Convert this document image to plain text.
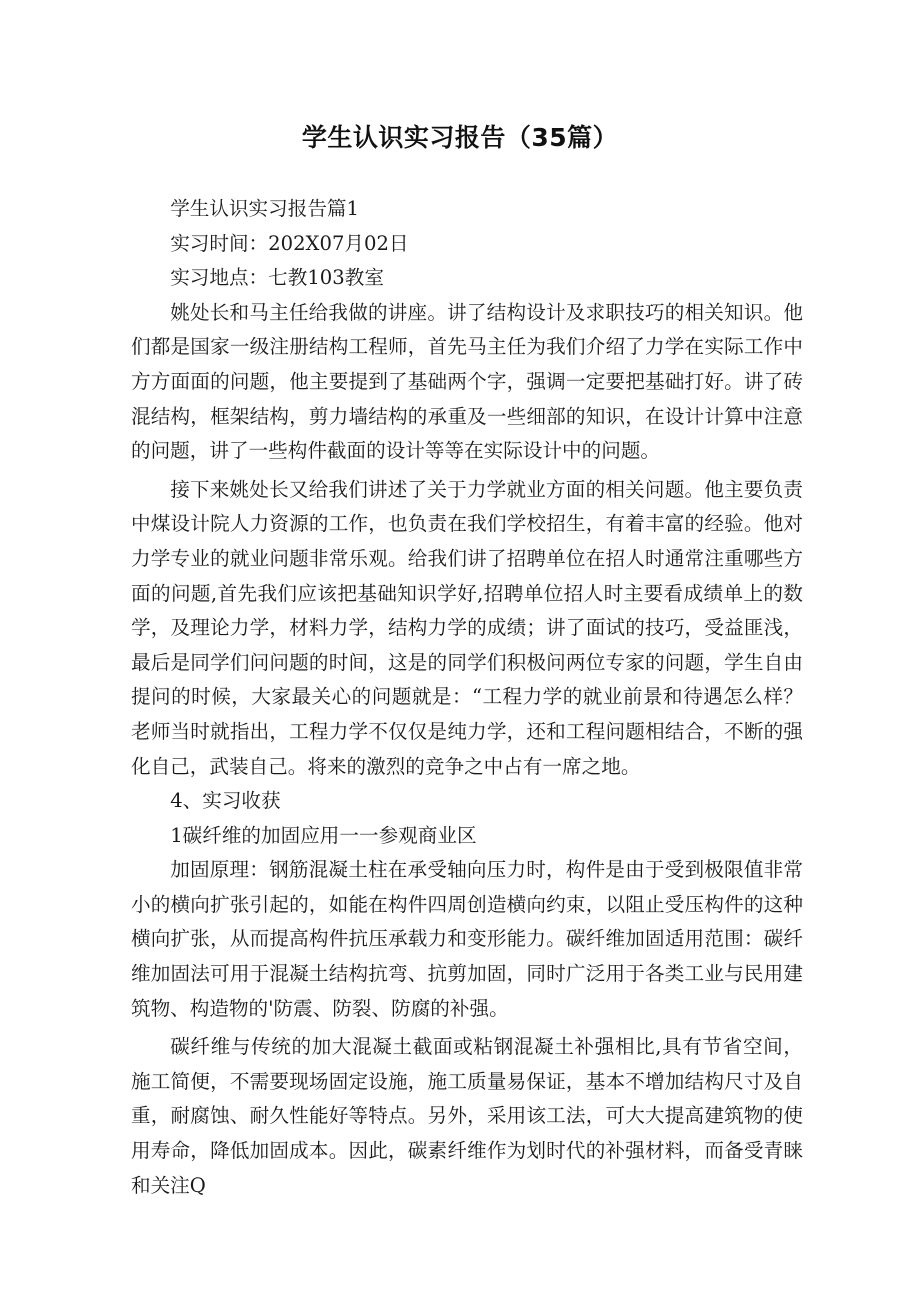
学生认识实习报告（35篇）

学生认识实习报告篇1

实习时间：202X07月02日

实习地点：七教103教室

姚处长和马主任给我做的讲座。讲了结构设计及求职技巧的相关知识。他们都是国家一级注册结构工程师，首先马主任为我们介绍了力学在实际工作中方方面面的问题，他主要提到了基础两个字，强调一定要把基础打好。讲了砖混结构，框架结构，剪力墙结构的承重及一些细部的知识，在设计计算中注意的问题，讲了一些构件截面的设计等等在实际设计中的问题。

接下来姚处长又给我们讲述了关于力学就业方面的相关问题。他主要负责中煤设计院人力资源的工作，也负责在我们学校招生，有着丰富的经验。他对力学专业的就业问题非常乐观。给我们讲了招聘单位在招人时通常注重哪些方面的问题,首先我们应该把基础知识学好,招聘单位招人时主要看成绩单上的数学，及理论力学，材料力学，结构力学的成绩；讲了面试的技巧，受益匪浅，最后是同学们问问题的时间，这是的同学们积极问两位专家的问题，学生自由提问的时候，大家最关心的问题就是：“工程力学的就业前景和待遇怎么样？老师当时就指出，工程力学不仅仅是纯力学，还和工程问题相结合，不断的强化自己，武装自己。将来的激烈的竞争之中占有一席之地。

4、实习收获

1碳纤维的加固应用一一参观商业区

加固原理：钢筋混凝土柱在承受轴向压力时，构件是由于受到极限值非常小的横向扩张引起的，如能在构件四周创造横向约束，以阻止受压构件的这种横向扩张，从而提高构件抗压承载力和变形能力。碳纤维加固适用范围：碳纤维加固法可用于混凝土结构抗弯、抗剪加固，同时广泛用于各类工业与民用建筑物、构造物的'防震、防裂、防腐的补强。

碳纤维与传统的加大混凝土截面或粘钢混凝土补强相比,具有节省空间，施工简便，不需要现场固定设施，施工质量易保证，基本不增加结构尺寸及自重，耐腐蚀、耐久性能好等特点。另外，采用该工法，可大大提高建筑物的使用寿命，降低加固成本。因此，碳素纤维作为划时代的补强材料，而备受青睐和关注Q
